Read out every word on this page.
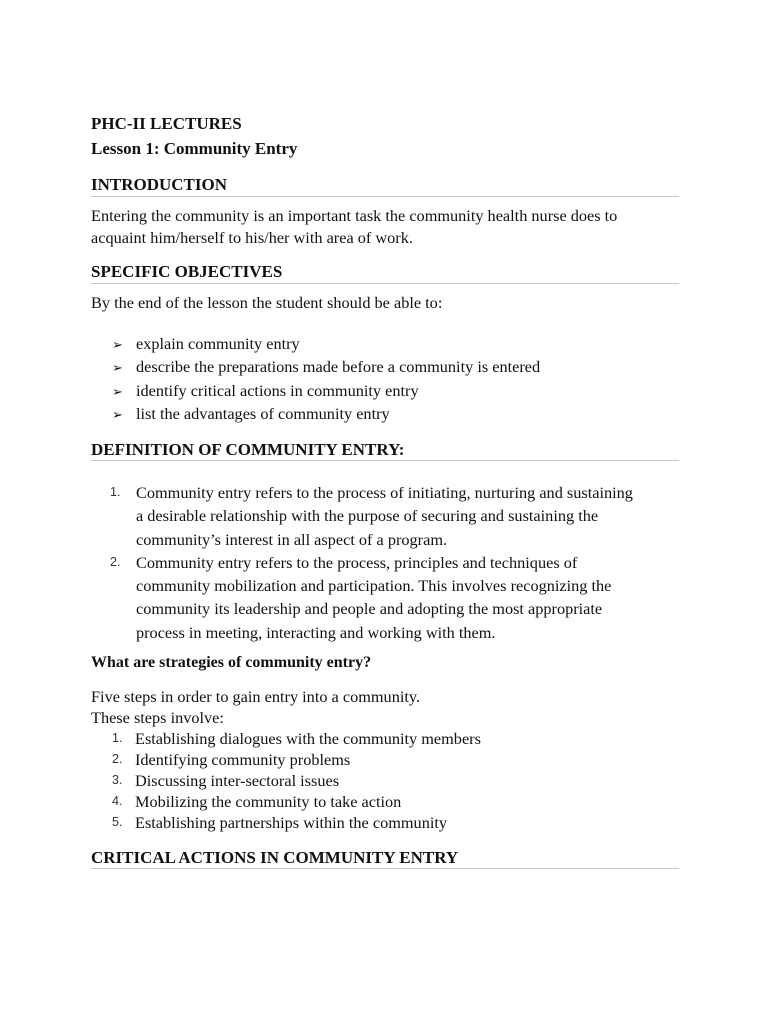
PHC-II LECTURES
Lesson 1: Community Entry
INTRODUCTION
Entering the community is an important task the community health nurse does to
acquaint him/herself to his/her with area of work.
SPECIFIC OBJECTIVES
By the end of the lesson the student should be able to:
➢ explain community entry
➢ describe the preparations made before a community is entered
➢ identify critical actions in community entry
➢ list the advantages of community entry
DEFINITION OF COMMUNITY ENTRY:
1. Community entry refers to the process of initiating, nurturing and sustaining
a desirable relationship with the purpose of securing and sustaining the
community’s interest in all aspect of a program.
2. Community entry refers to the process, principles and techniques of
community mobilization and participation. This involves recognizing the
community its leadership and people and adopting the most appropriate
process in meeting, interacting and working with them.
What are strategies of community entry?
Five steps in order to gain entry into a community.
These steps involve:
1. Establishing dialogues with the community members
2. Identifying community problems
3. Discussing inter-sectoral issues
4. Mobilizing the community to take action
5. Establishing partnerships within the community
CRITICAL ACTIONS IN COMMUNITY ENTRY
